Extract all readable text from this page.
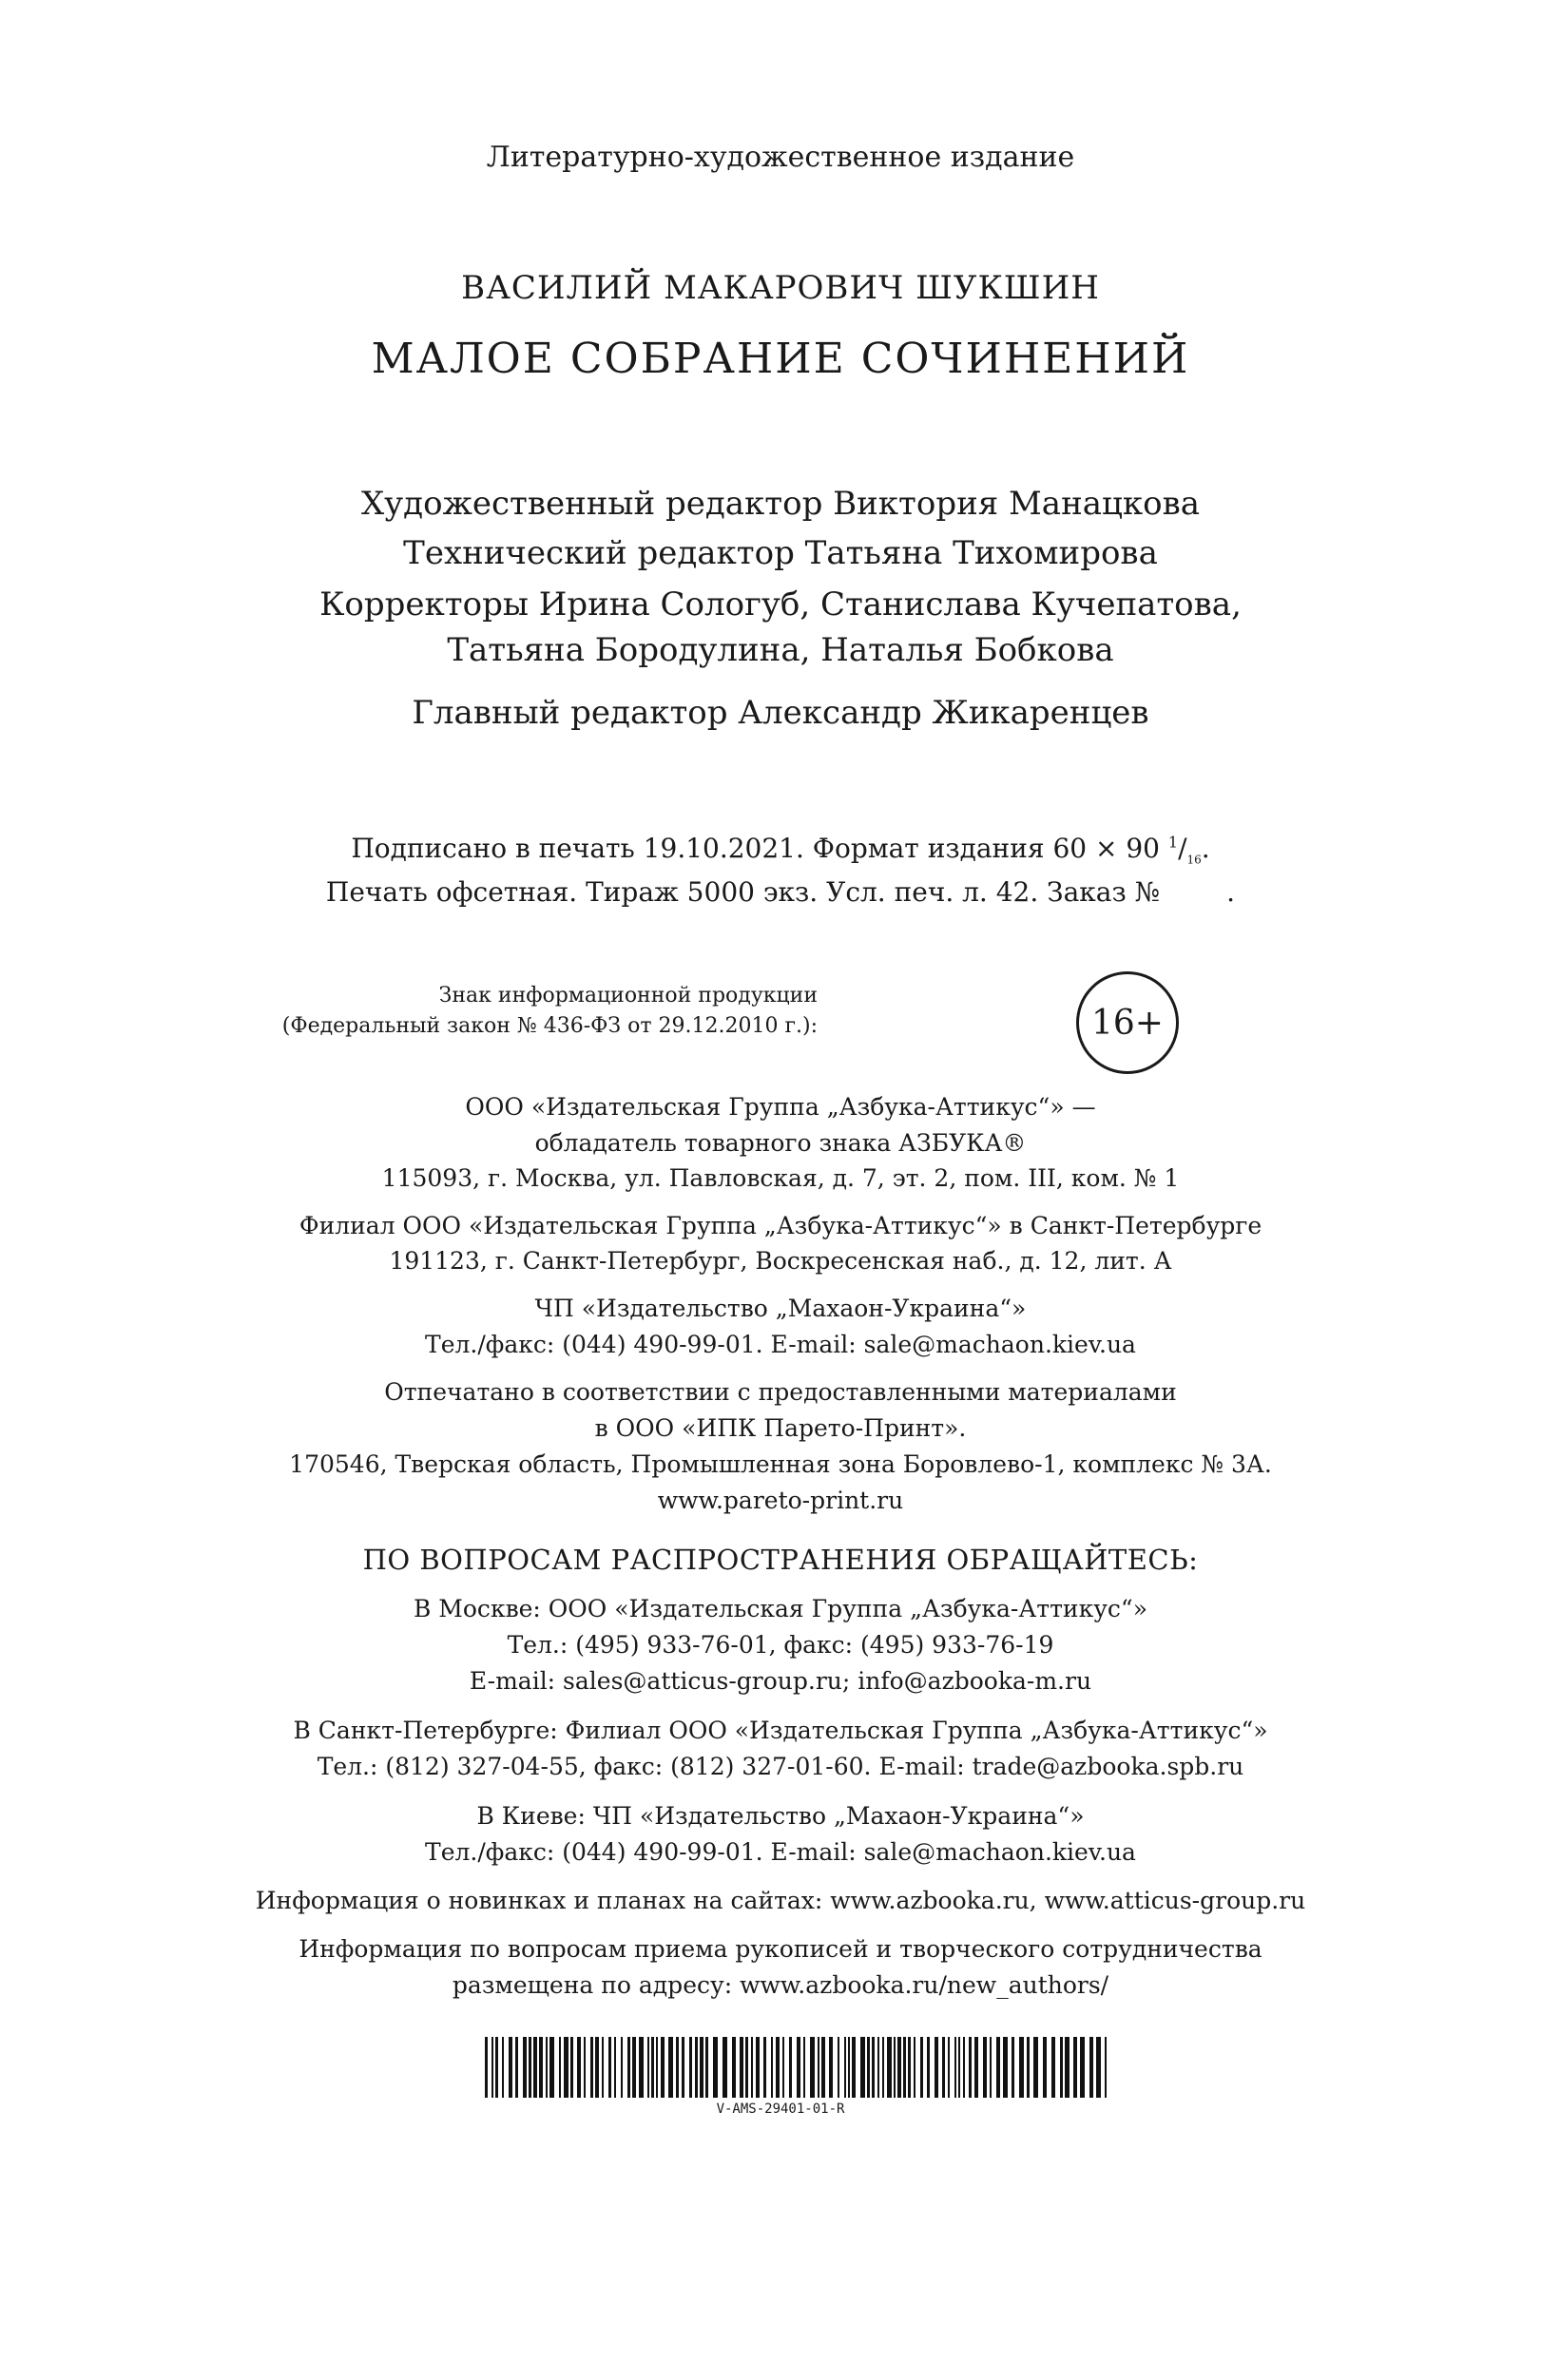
Литературно-художественное издание
ВАСИЛИЙ МАКАРОВИЧ ШУКШИН
МАЛОЕ СОБРАНИЕ СОЧИНЕНИЙ
Художественный редактор Виктория Манацкова
Технический редактор Татьяна Тихомирова
Корректоры Ирина Сологуб, Станислава Кучепатова,
Татьяна Бородулина, Наталья Бобкова
Главный редактор Александр Жикаренцев
Подписано в печать 19.10.2021. Формат издания 60 × 90 $^1/_{16}$.
Печать офсетная. Тираж 5000 экз. Усл. печ. л. 42. Заказ №	.
Знак информационной продукции
(Федеральный закон № 436-ФЗ от 29.12.2010 г.):	16+
ООО «Издательская Группа „Азбука-Аттикус“» —
обладатель товарного знака АЗБУКА®
115093, г. Москва, ул. Павловская, д. 7, эт. 2, пом. III, ком. № 1
Филиал ООО «Издательская Группа „Азбука-Аттикус“» в Санкт-Петербурге
191123, г. Санкт-Петербург, Воскресенская наб., д. 12, лит. А
ЧП «Издательство „Махаон-Украина“»
Тел./факс: (044) 490-99-01. E-mail: sale@machaon.kiev.ua
Отпечатано в соответствии с предоставленными материалами
в ООО «ИПК Парето-Принт».
170546, Тверская область, Промышленная зона Боровлево-1, комплекс № 3А.
www.pareto-print.ru
ПО ВОПРОСАМ РАСПРОСТРАНЕНИЯ ОБРАЩАЙТЕСЬ:
В Москве: ООО «Издательская Группа „Азбука-Аттикус“»
Тел.: (495) 933-76-01, факс: (495) 933-76-19
E-mail: sales@atticus-group.ru; info@azbooka-m.ru
В Санкт-Петербурге: Филиал ООО «Издательская Группа „Азбука-Аттикус“»
Тел.: (812) 327-04-55, факс: (812) 327-01-60. E-mail: trade@azbooka.spb.ru
В Киеве: ЧП «Издательство „Махаон-Украина“»
Тел./факс: (044) 490-99-01. E-mail: sale@machaon.kiev.ua
Информация о новинках и планах на сайтах: www.azbooka.ru, www.atticus-group.ru
Информация по вопросам приема рукописей и творческого сотрудничества
размещена по адресу: www.azbooka.ru/new_authors/
V-AMS-29401-01-R
